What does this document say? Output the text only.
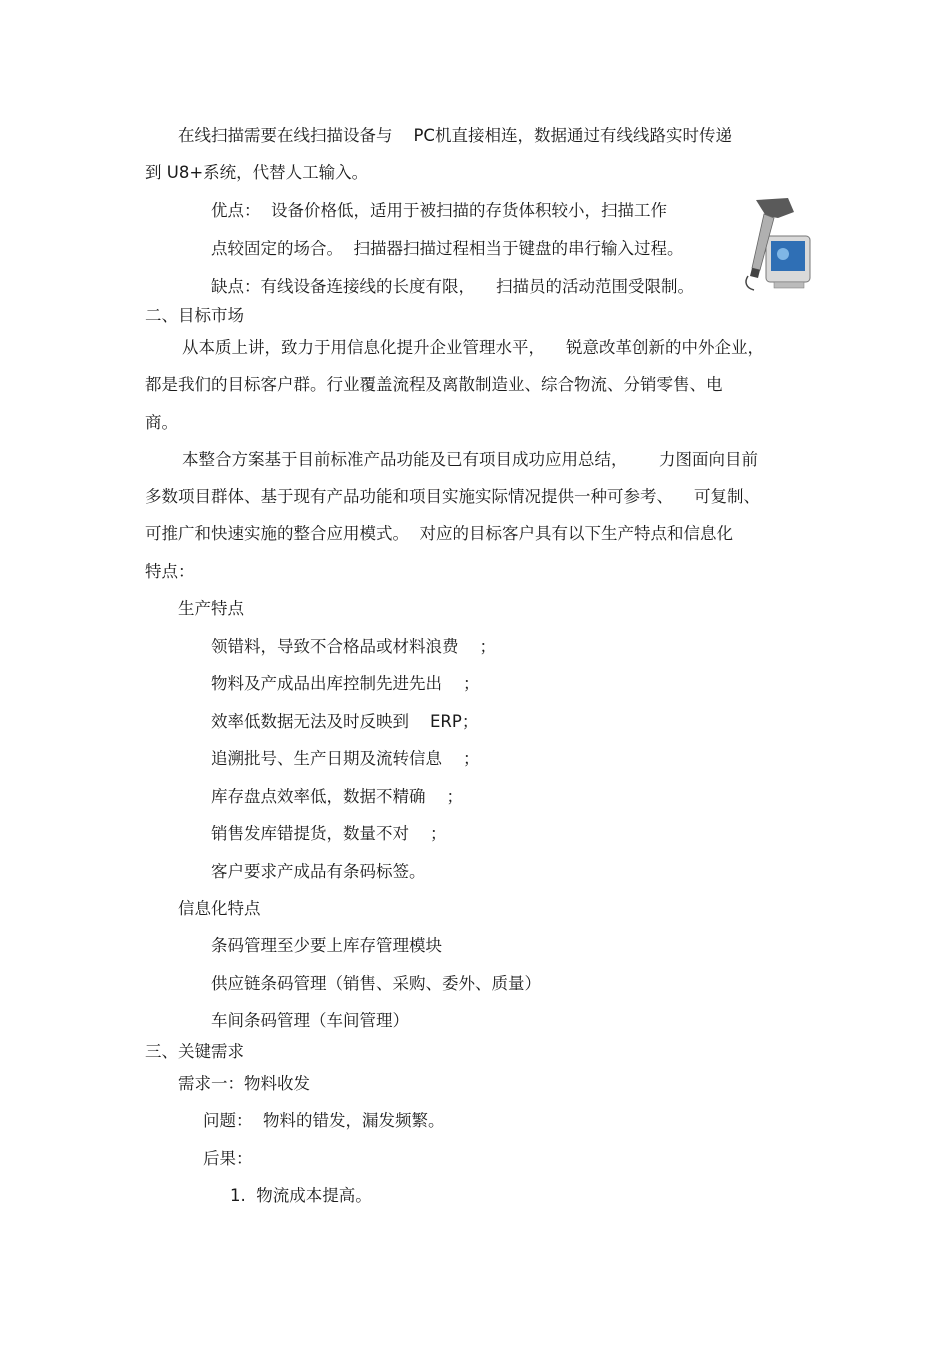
在线扫描需要在线扫描设备与    PC机直接相连，数据通过有线线路实时传递
到 U8+系统，代替人工输入。
优点：  设备价格低，适用于被扫描的存货体积较小，扫描工作
点较固定的场合。  扫描器扫描过程相当于键盘的串行输入过程。
缺点：有线设备连接线的长度有限，    扫描员的活动范围受限制。
二、目标市场
从本质上讲，致力于用信息化提升企业管理水平，    锐意改革创新的中外企业，
都是我们的目标客户群。行业覆盖流程及离散制造业、综合物流、分销零售、电
商。
本整合方案基于目前标准产品功能及已有项目成功应用总结，      力图面向目前
多数项目群体、基于现有产品功能和项目实施实际情况提供一种可参考、    可复制、
可推广和快速实施的整合应用模式。  对应的目标客户具有以下生产特点和信息化
特点：
生产特点
领错料，导致不合格品或材料浪费    ；
物料及产成品出库控制先进先出    ；
效率低数据无法及时反映到    ERP；
追溯批号、生产日期及流转信息    ；
库存盘点效率低，数据不精确    ；
销售发库错提货，数量不对    ；
客户要求产成品有条码标签。
信息化特点
条码管理至少要上库存管理模块
供应链条码管理（销售、采购、委外、质量）
车间条码管理（车间管理）
三、关键需求
需求一：物料收发
问题：  物料的错发，漏发频繁。
后果：
1.  物流成本提高。
